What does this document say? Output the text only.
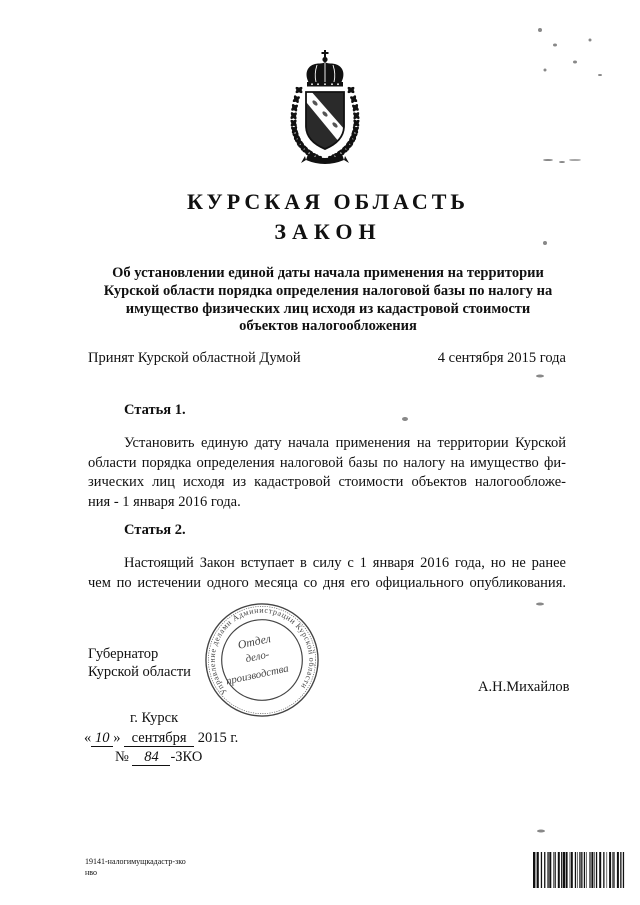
КУРСКАЯ ОБЛАСТЬ
ЗАКОН
Об установлении единой даты начала применения на территории
Курской области порядка определения налоговой базы по налогу на
имущество физических лиц исходя из кадастровой стоимости
объектов налогообложения
Принят Курской областной Думой	4 сентября 2015 года
Статья 1.
Установить единую дату начала применения на территории Курской
области порядка определения налоговой базы по налогу на имущество фи-
зических лиц исходя из кадастровой стоимости объектов налогообложе-
ния - 1 января 2016 года.
Статья 2.
Настоящий Закон вступает в силу с 1 января 2016 года, но не ранее
чем по истечении одного месяца со дня его официального опубликования.
Губернатор
Курской области
Управление делами Администрации Курской области
Отдел
дело-
производства	А.Н.Михайлов
г. Курск
« 10 » сентября 2015 г.
№ 84 -ЗКО
19141-налогимущкадастр-зко
нво
